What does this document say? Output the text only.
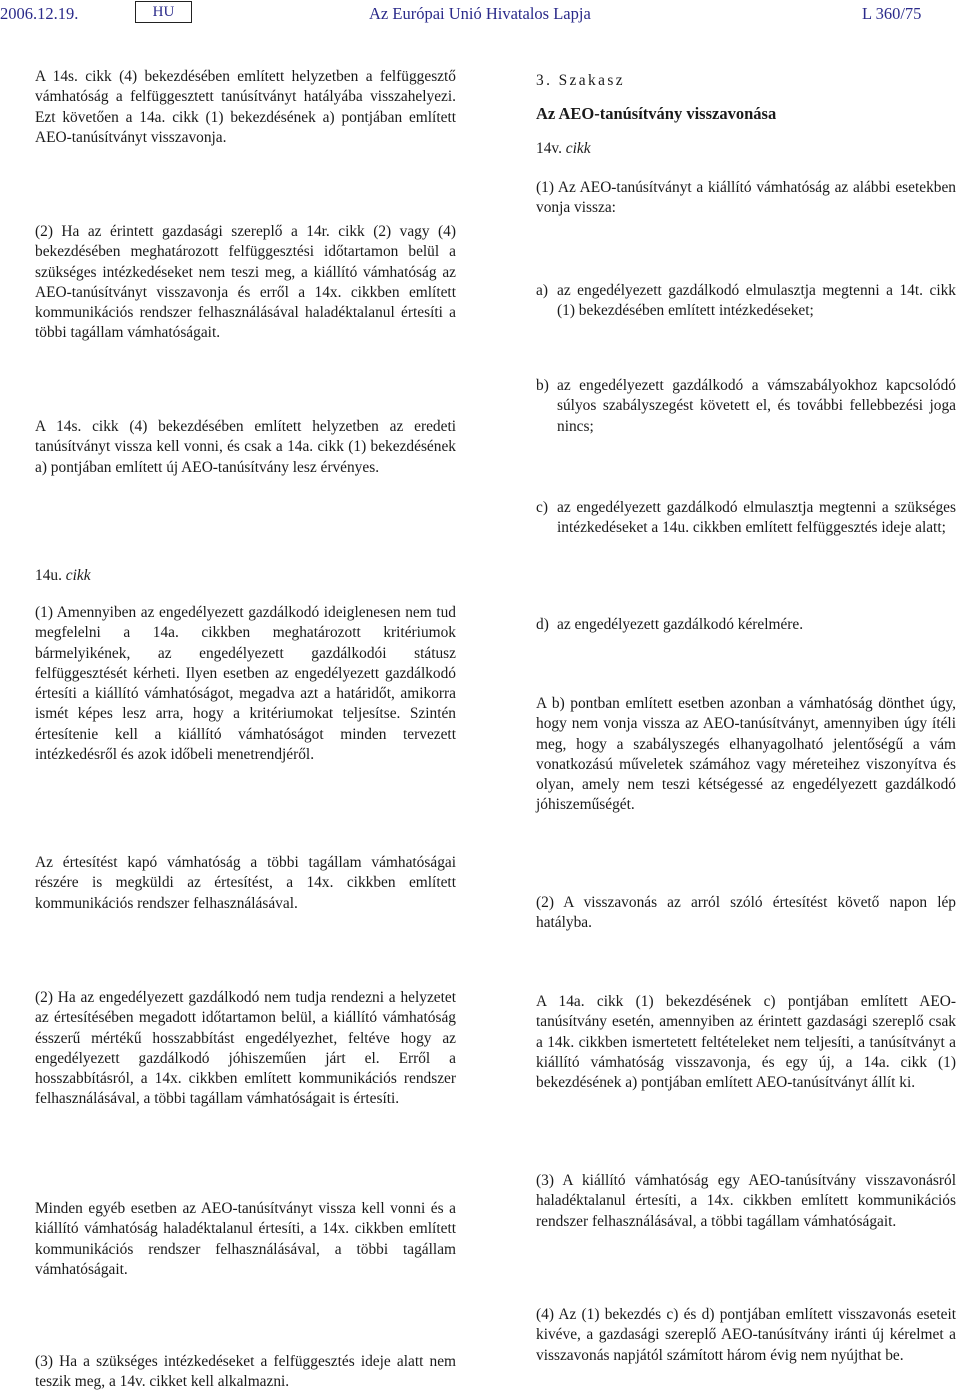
2006.12.19.	HU	Az Európai Unió Hivatalos Lapja	L 360/75

A 14s. cikk (4) bekezdésében említett helyzetben a felfüggesztő vámhatóság a felfüggesztett tanúsítványt hatályába visszahelyezi. Ezt követően a 14a. cikk (1) bekezdésének a) pontjában említett AEO-tanúsítványt visszavonja.

(2) Ha az érintett gazdasági szereplő a 14r. cikk (2) vagy (4) bekezdésében meghatározott felfüggesztési időtartamon belül a szükséges intézkedéseket nem teszi meg, a kiállító vámhatóság az AEO-tanúsítványt visszavonja és erről a 14x. cikkben említett kommunikációs rendszer felhasználásával haladéktalanul értesíti a többi tagállam vámhatóságait.

A 14s. cikk (4) bekezdésében említett helyzetben az eredeti tanúsítványt vissza kell vonni, és csak a 14a. cikk (1) bekezdésének a) pontjában említett új AEO-tanúsítvány lesz érvényes.

14u. cikk

(1) Amennyiben az engedélyezett gazdálkodó ideiglenesen nem tud megfelelni a 14a. cikkben meghatározott kritériumok bármelyikének, az engedélyezett gazdálkodói státusz felfüggesztését kérheti. Ilyen esetben az engedélyezett gazdálkodó értesíti a kiállító vámhatóságot, megadva azt a határidőt, amikorra ismét képes lesz arra, hogy a kritériumokat teljesítse. Szintén értesítenie kell a kiállító vámhatóságot minden tervezett intézkedésről és azok időbeli menetrendjéről.

Az értesítést kapó vámhatóság a többi tagállam vámhatóságai részére is megküldi az értesítést, a 14x. cikkben említett kommunikációs rendszer felhasználásával.

(2) Ha az engedélyezett gazdálkodó nem tudja rendezni a helyzetet az értesítésében megadott időtartamon belül, a kiállító vámhatóság ésszerű mértékű hosszabbítást engedélyezhet, feltéve hogy az engedélyezett gazdálkodó jóhiszeműen járt el. Erről a hosszabbításról, a 14x. cikkben említett kommunikációs rendszer felhasználásával, a többi tagállam vámhatóságait is értesíti.

Minden egyéb esetben az AEO-tanúsítványt vissza kell vonni és a kiállító vámhatóság haladéktalanul értesíti, a 14x. cikkben említett kommunikációs rendszer felhasználásával, a többi tagállam vámhatóságait.

(3) Ha a szükséges intézkedéseket a felfüggesztés ideje alatt nem teszik meg, a 14v. cikket kell alkalmazni.

3. Szakasz

Az AEO-tanúsítvány visszavonása

14v. cikk

(1) Az AEO-tanúsítványt a kiállító vámhatóság az alábbi esetekben vonja vissza:

a) az engedélyezett gazdálkodó elmulasztja megtenni a 14t. cikk (1) bekezdésében említett intézkedéseket;
b) az engedélyezett gazdálkodó a vámszabályokhoz kapcsolódó súlyos szabályszegést követett el, és további fellebbezési joga nincs;
c) az engedélyezett gazdálkodó elmulasztja megtenni a szükséges intézkedéseket a 14u. cikkben említett felfüggesztés ideje alatt;
d) az engedélyezett gazdálkodó kérelmére.

A b) pontban említett esetben azonban a vámhatóság dönthet úgy, hogy nem vonja vissza az AEO-tanúsítványt, amennyiben úgy ítéli meg, hogy a szabályszegés elhanyagolható jelentőségű a vám vonatkozású műveletek számához vagy méreteihez viszonyítva és olyan, amely nem teszi kétségessé az engedélyezett gazdálkodó jóhiszeműségét.

(2) A visszavonás az arról szóló értesítést követő napon lép hatályba.

A 14a. cikk (1) bekezdésének c) pontjában említett AEO-tanúsítvány esetén, amennyiben az érintett gazdasági szereplő csak a 14k. cikkben ismertetett feltételeket nem teljesíti, a tanúsítványt a kiállító vámhatóság visszavonja, és egy új, a 14a. cikk (1) bekezdésének a) pontjában említett AEO-tanúsítványt állít ki.

(3) A kiállító vámhatóság egy AEO-tanúsítvány visszavonásról haladéktalanul értesíti, a 14x. cikkben említett kommunikációs rendszer felhasználásával, a többi tagállam vámhatóságait.

(4) Az (1) bekezdés c) és d) pontjában említett visszavonás eseteit kivéve, a gazdasági szereplő AEO-tanúsítvány iránti új kérelmet a visszavonás napjától számított három évig nem nyújthat be.
